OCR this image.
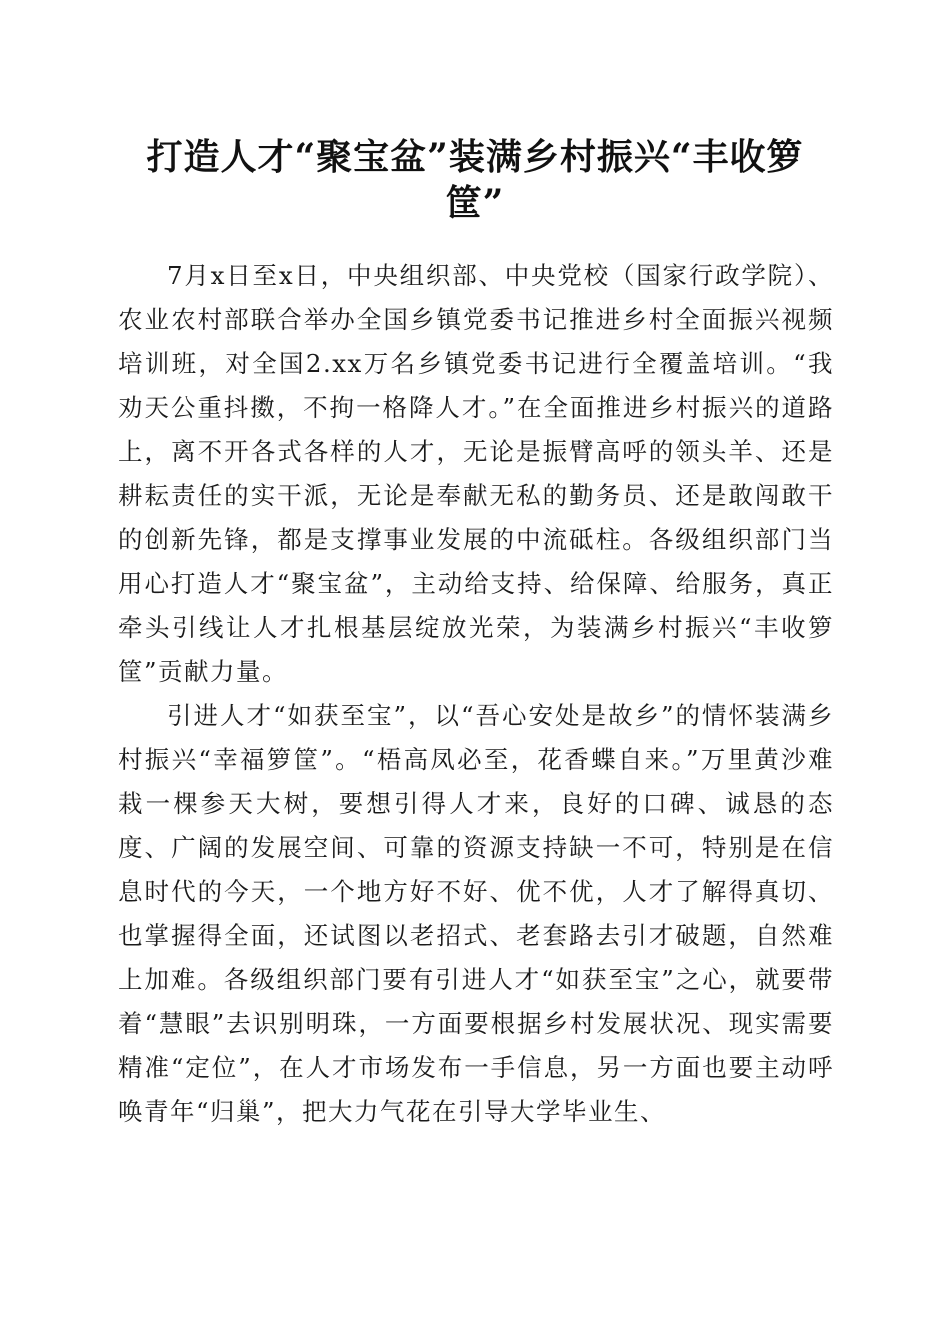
打造人才“聚宝盆”装满乡村振兴“丰收箩筐”

7月x日至x日，中央组织部、中央党校（国家行政学院）、农业农村部联合举办全国乡镇党委书记推进乡村全面振兴视频培训班，对全国2.xx万名乡镇党委书记进行全覆盖培训。“我劝天公重抖擞，不拘一格降人才。”在全面推进乡村振兴的道路上，离不开各式各样的人才，无论是振臂高呼的领头羊、还是耕耘责任的实干派，无论是奉献无私的勤务员、还是敢闯敢干的创新先锋，都是支撑事业发展的中流砥柱。各级组织部门当用心打造人才“聚宝盆”，主动给支持、给保障、给服务，真正牵头引线让人才扎根基层绽放光荣，为装满乡村振兴“丰收箩筐”贡献力量。

引进人才“如获至宝”，以“吾心安处是故乡”的情怀装满乡村振兴“幸福箩筐”。“梧高凤必至，花香蝶自来。”万里黄沙难栽一棵参天大树，要想引得人才来，良好的口碑、诚恳的态度、广阔的发展空间、可靠的资源支持缺一不可，特别是在信息时代的今天，一个地方好不好、优不优，人才了解得真切、也掌握得全面，还试图以老招式、老套路去引才破题，自然难上加难。各级组织部门要有引进人才“如获至宝”之心，就要带着“慧眼”去识别明珠，一方面要根据乡村发展状况、现实需要精准“定位”，在人才市场发布一手信息，另一方面也要主动呼唤青年“归巢”，把大力气花在引导大学毕业生、
